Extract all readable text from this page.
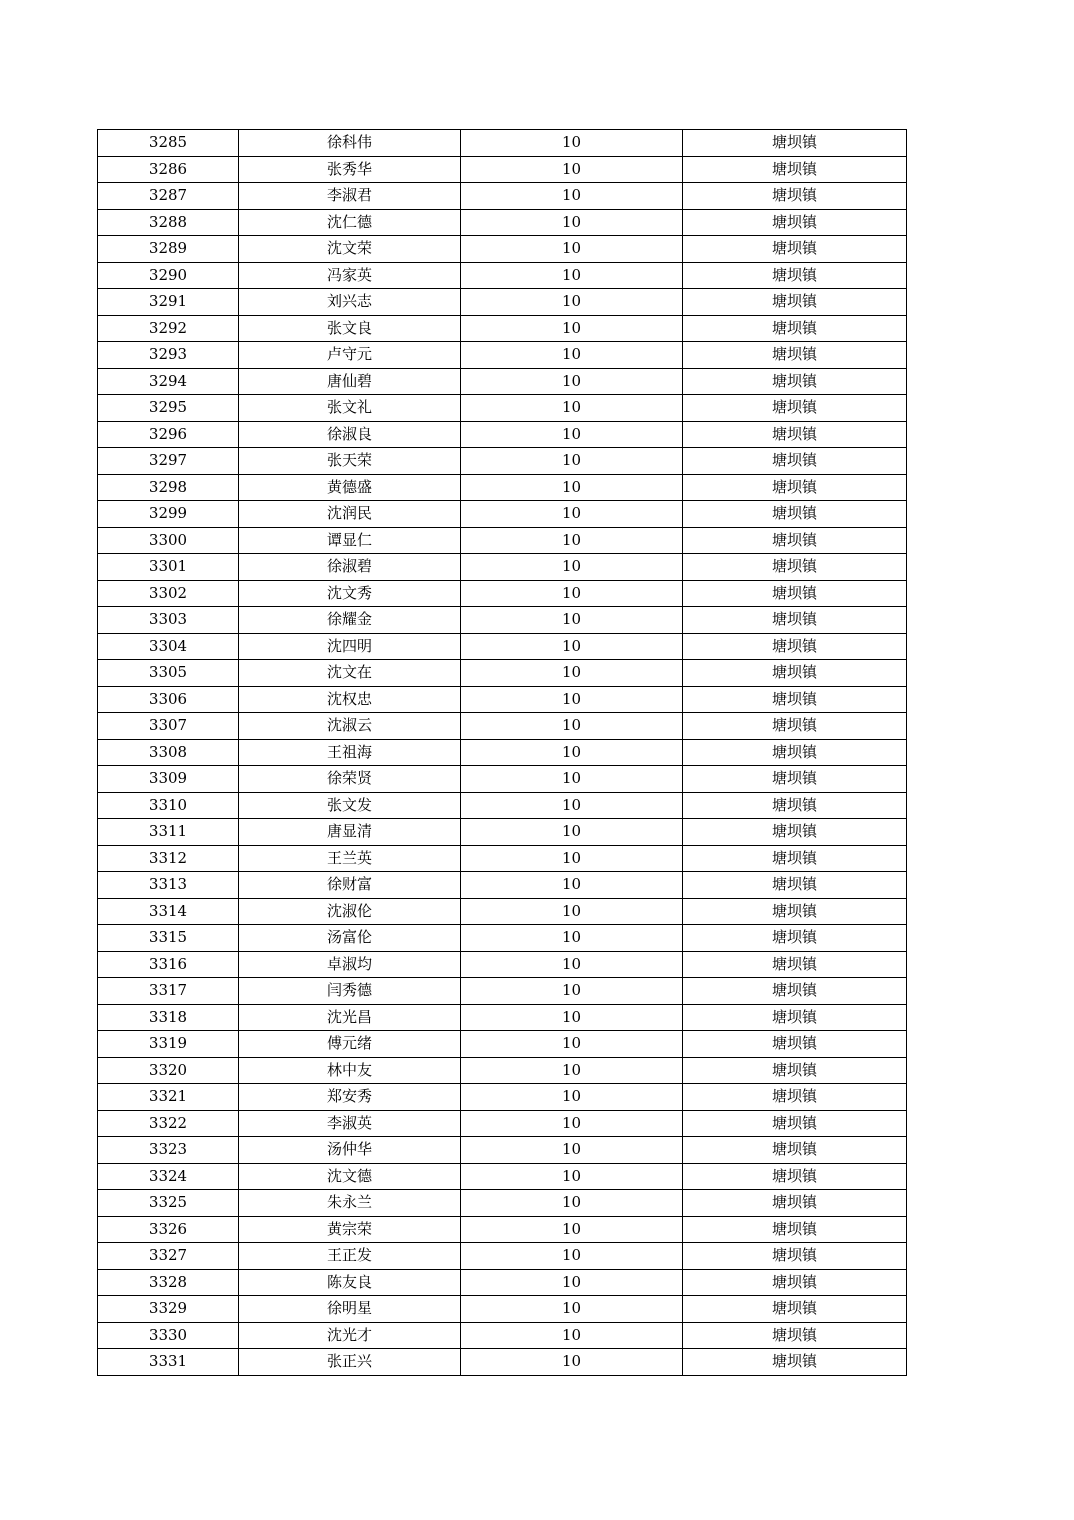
3285	徐科伟	10	塘坝镇
3286	张秀华	10	塘坝镇
3287	李淑君	10	塘坝镇
3288	沈仁德	10	塘坝镇
3289	沈文荣	10	塘坝镇
3290	冯家英	10	塘坝镇
3291	刘兴志	10	塘坝镇
3292	张文良	10	塘坝镇
3293	卢守元	10	塘坝镇
3294	唐仙碧	10	塘坝镇
3295	张文礼	10	塘坝镇
3296	徐淑良	10	塘坝镇
3297	张天荣	10	塘坝镇
3298	黄德盛	10	塘坝镇
3299	沈润民	10	塘坝镇
3300	谭显仁	10	塘坝镇
3301	徐淑碧	10	塘坝镇
3302	沈文秀	10	塘坝镇
3303	徐耀金	10	塘坝镇
3304	沈四明	10	塘坝镇
3305	沈文在	10	塘坝镇
3306	沈权忠	10	塘坝镇
3307	沈淑云	10	塘坝镇
3308	王祖海	10	塘坝镇
3309	徐荣贤	10	塘坝镇
3310	张文发	10	塘坝镇
3311	唐显清	10	塘坝镇
3312	王兰英	10	塘坝镇
3313	徐财富	10	塘坝镇
3314	沈淑伦	10	塘坝镇
3315	汤富伦	10	塘坝镇
3316	卓淑均	10	塘坝镇
3317	闫秀德	10	塘坝镇
3318	沈光昌	10	塘坝镇
3319	傅元绪	10	塘坝镇
3320	林中友	10	塘坝镇
3321	郑安秀	10	塘坝镇
3322	李淑英	10	塘坝镇
3323	汤仲华	10	塘坝镇
3324	沈文德	10	塘坝镇
3325	朱永兰	10	塘坝镇
3326	黄宗荣	10	塘坝镇
3327	王正发	10	塘坝镇
3328	陈友良	10	塘坝镇
3329	徐明星	10	塘坝镇
3330	沈光才	10	塘坝镇
3331	张正兴	10	塘坝镇
